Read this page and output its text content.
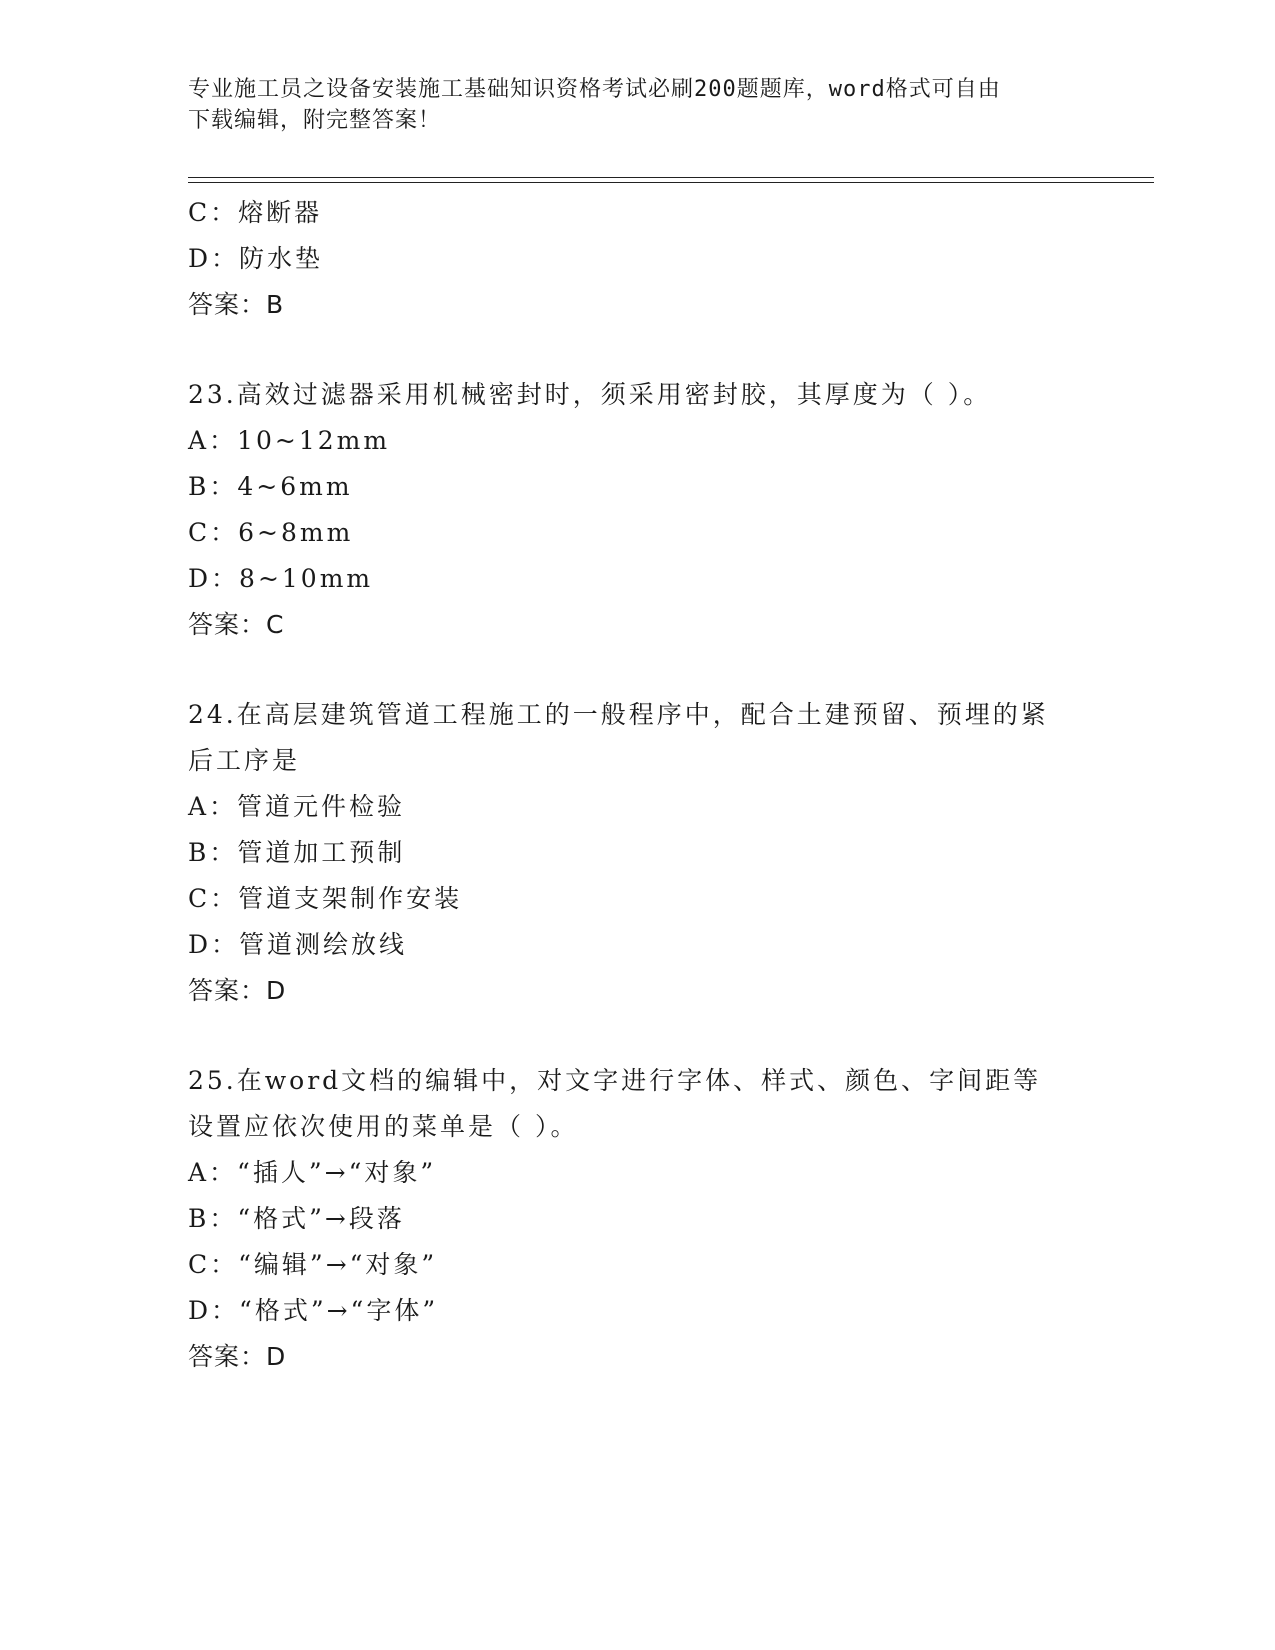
专业施工员之设备安装施工基础知识资格考试必刷200题题库，word格式可自由
下载编辑，附完整答案！
C：熔断器
D：防水垫
答案：B
23.高效过滤器采用机械密封时，须采用密封胶，其厚度为（ ）。
A：10~12mm
B：4~6mm
C：6~8mm
D：8~10mm
答案：C
24.在高层建筑管道工程施工的一般程序中，配合土建预留、预埋的紧
后工序是
A：管道元件检验
B：管道加工预制
C：管道支架制作安装
D：管道测绘放线
答案：D
25.在word文档的编辑中，对文字进行字体、样式、颜色、字间距等
设置应依次使用的菜单是（ ）。
A：“插人”→“对象”
B：“格式”→段落
C：“编辑”→“对象”
D：“格式”→“字体”
答案：D
